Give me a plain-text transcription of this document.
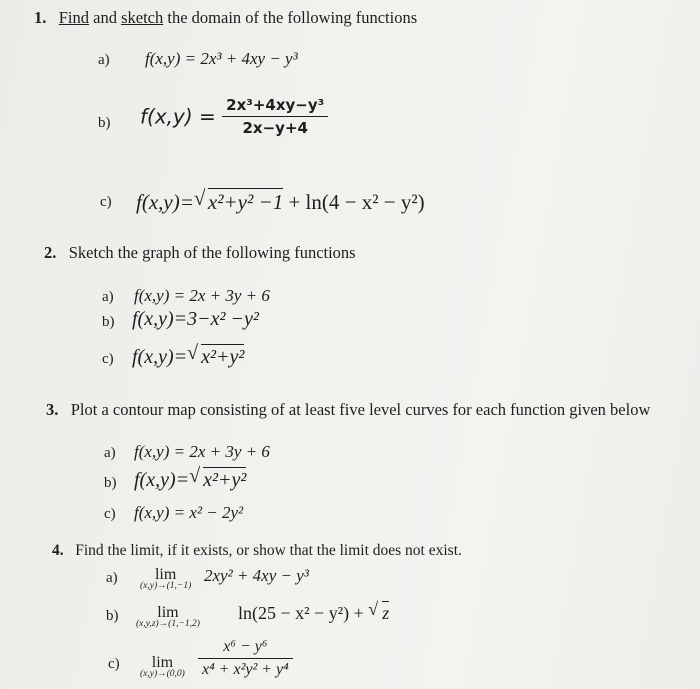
1. Find and sketch the domain of the following functions
a) f(x,y) = 2x³ + 4xy − y³
b) $f(x,y) = \frac{\text{2x³+4xy−y³}}{2x-y+4}$
c) f(x,y)= √ x²+y² −1 + ln(4 − x² − y²)
2. Sketch the graph of the following functions
a) f(x,y) = 2x + 3y + 6
b) f(x,y)=3−x² −y²
c) f(x,y)= √ x²+y²
3. Plot a contour map consisting of at least five level curves for each function given below
a) f(x,y) = 2x + 3y + 6
b) f(x,y)= √ x²+y²
c) f(x,y) = x² − 2y²
4. Find the limit, if it exists, or show that the limit does not exist.
a)	lim
(x,y)→(1,−1)
2xy² + 4xy − y³
b)	lim
(x,y,z)→(1,−1,2)
ln(25 − x² − y²) + √ z
c)	lim
$(x,y)\to(0,0) \frac{\text{x⁶ − y⁶}}{\text{x⁴ + x²y² + y⁴}}$
